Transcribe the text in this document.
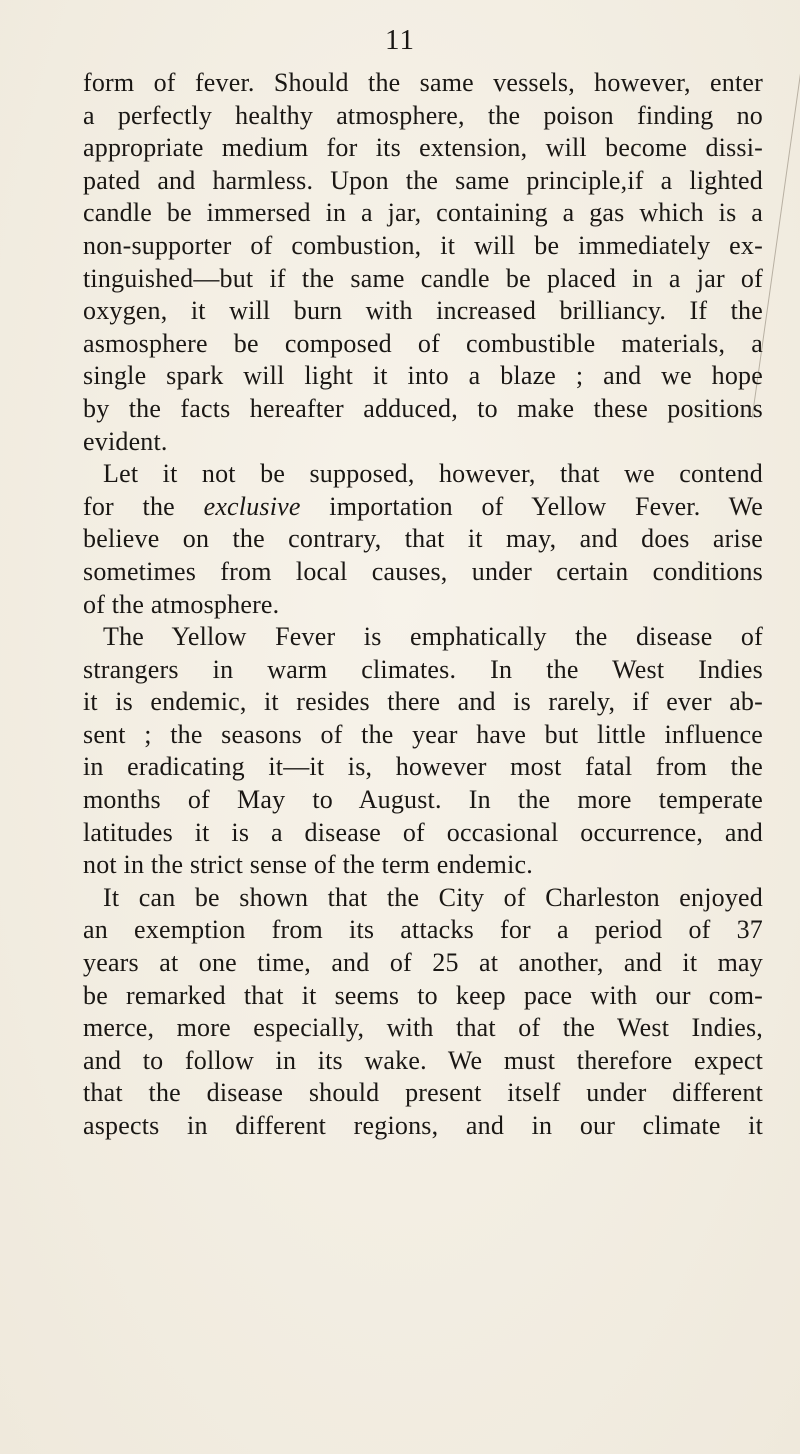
11
form of fever. Should the same vessels, however, enter
a perfectly healthy atmosphere, the poison finding no
appropriate medium for its extension, will become dissi-
pated and harmless. Upon the same principle,if a lighted
candle be immersed in a jar, containing a gas which is a
non-supporter of combustion, it will be immediately ex-
tinguished—but if the same candle be placed in a jar of
oxygen, it will burn with increased brilliancy. If the
asmosphere be composed of combustible materials, a
single spark will light it into a blaze ; and we hope
by the facts hereafter adduced, to make these positions
evident.
Let it not be supposed, however, that we contend
for the exclusive importation of Yellow Fever. We
believe on the contrary, that it may, and does arise
sometimes from local causes, under certain conditions
of the atmosphere.
The Yellow Fever is emphatically the disease of
strangers in warm climates. In the West Indies
it is endemic, it resides there and is rarely, if ever ab-
sent ; the seasons of the year have but little influence
in eradicating it—it is, however most fatal from the
months of May to August. In the more temperate
latitudes it is a disease of occasional occurrence, and
not in the strict sense of the term endemic.
It can be shown that the City of Charleston enjoyed
an exemption from its attacks for a period of 37
years at one time, and of 25 at another, and it may
be remarked that it seems to keep pace with our com-
merce, more especially, with that of the West Indies,
and to follow in its wake. We must therefore expect
that the disease should present itself under different
aspects in different regions, and in our climate it
